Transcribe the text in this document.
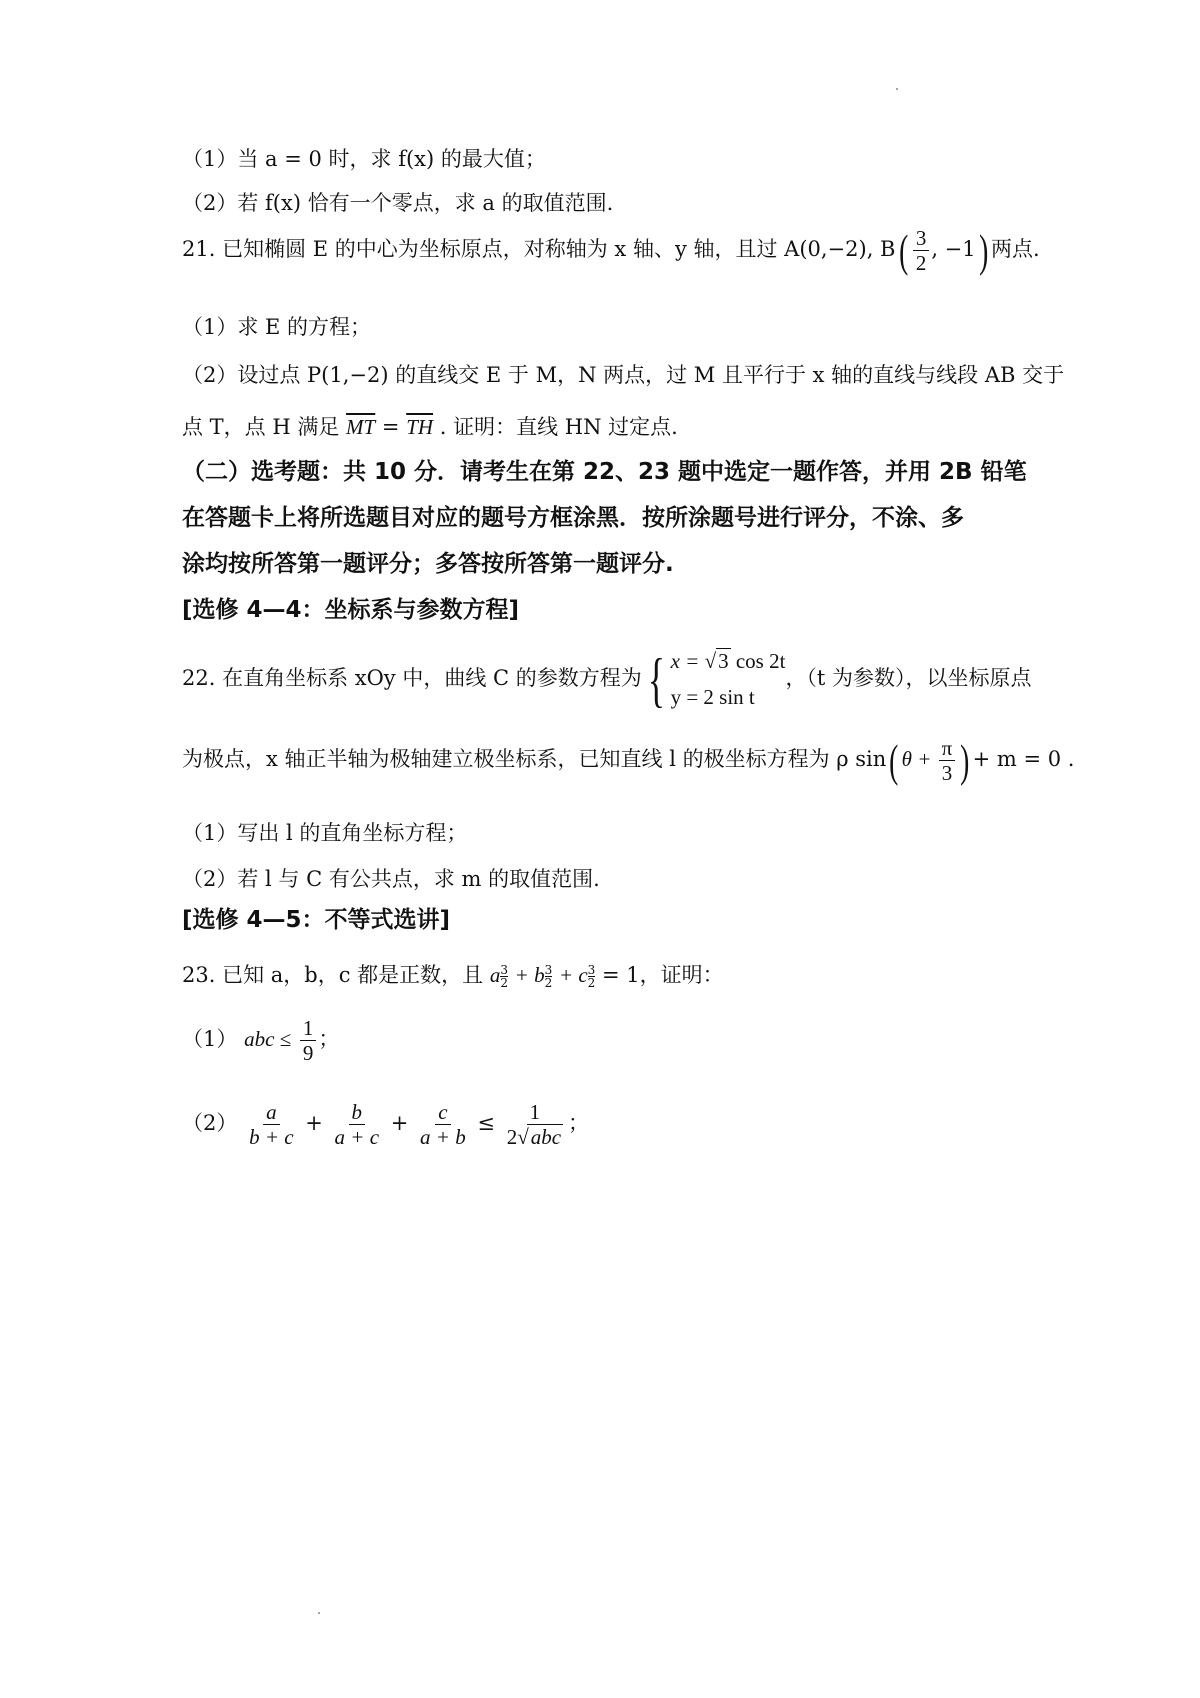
（1）当 a = 0 时，求 f(x) 的最大值；
（2）若 f(x) 恰有一个零点，求 a 的取值范围.
21. 已知椭圆 E 的中心为坐标原点，对称轴为 x 轴、y 轴，且过 A(0,−2), $B( \frac{3}{2}$ , −1) 两点.
（1）求 E 的方程；
（2）设过点 P(1,−2) 的直线交 E 于 M，N 两点，过 M 且平行于 x 轴的直线与线段 AB 交于
点 T，点 H 满足 $\overline{MT} = \overline{TH}$ . 证明：直线 HN 过定点.
（二）选考题：共 10 分．请考生在第 22、23 题中选定一题作答，并用 2B 铅笔
在答题卡上将所选题目对应的题号方框涂黑．按所涂题号进行评分，不涂、多
涂均按所答第一题评分；多答按所答第一题评分.
[选修 4—4：坐标系与参数方程]
22. 在直角坐标系 xOy 中，曲线 C 的参数方程为{ x = √3 cos 2t
y = 2 sin t
，（t 为参数），以坐标原点
为极点，x 轴正半轴为极轴建立极坐标系，已知直线 l 的极坐标方程为 ρ sin( $\theta + \frac{\pi}{3}$ ) + m = 0 .
（1）写出 l 的直角坐标方程；
（2）若 l 与 C 有公共点，求 m 的取值范围.
[选修 4—5：不等式选讲]
23. 已知 a，b，c 都是正数，且 a $\frac{3}{2} + b \frac{3}{2} + c \frac{3}{2} = 1$，证明：
（1） abc ≤ $\frac{1}{9}$ ；
$(2) \frac{a}{b + c} + \frac{b}{a + c} + \frac{c}{a + b} \le \frac{1}{\text{2√abc}}$ ；
